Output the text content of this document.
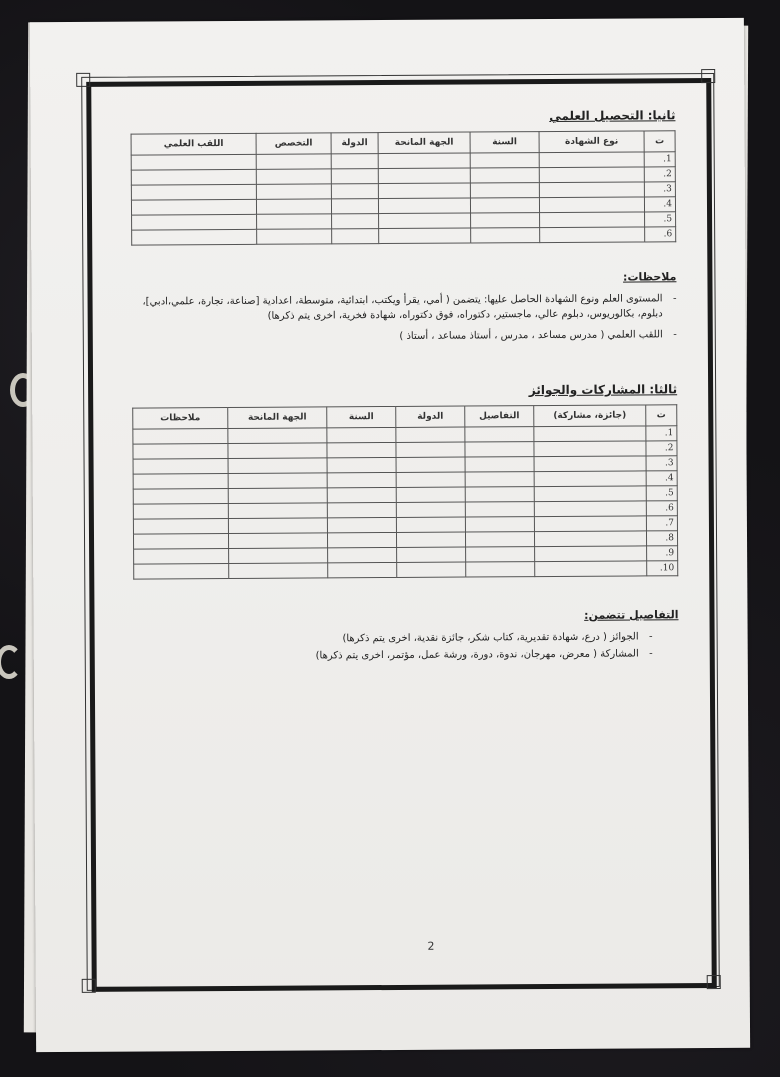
ثانيا: التحصيل العلمي
ت	نوع الشهادة	السنة	الجهة المانحة	الدولة	التخصص	اللقب العلمي
1.						
2.						
3.						
4.						
5.						
6.						
ملاحظات:
- المستوى العلم ونوع الشهادة الحاصل عليها: يتضمن ( أمي، يقرأ ويكتب، ابتدائية، متوسطة، اعدادية [صناعة، تجارة، علمي،ادبي]، دبلوم، بكالوريوس، دبلوم عالي، ماجستير، دكتوراه، فوق دكتوراه، شهادة فخرية، اخرى يتم ذكرها)
- اللقب العلمي ( مدرس مساعد ، مدرس ، أستاذ مساعد ، أستاذ )
ثالثا: المشاركات والجوائز
ت	(جائزة، مشاركة)	التفاصيل	الدولة	السنة	الجهة المانحة	ملاحظات
1.						
2.						
3.						
4.						
5.						
6.						
7.						
8.						
9.						
10.						
التفاصيل تتضمن:
- الجوائز ( درع، شهادة تقديرية، كتاب شكر، جائزة نقدية، اخرى يتم ذكرها)
- المشاركة ( معرض، مهرجان، ندوة، دورة، ورشة عمل، مؤتمر، اخرى يتم ذكرها)
2
